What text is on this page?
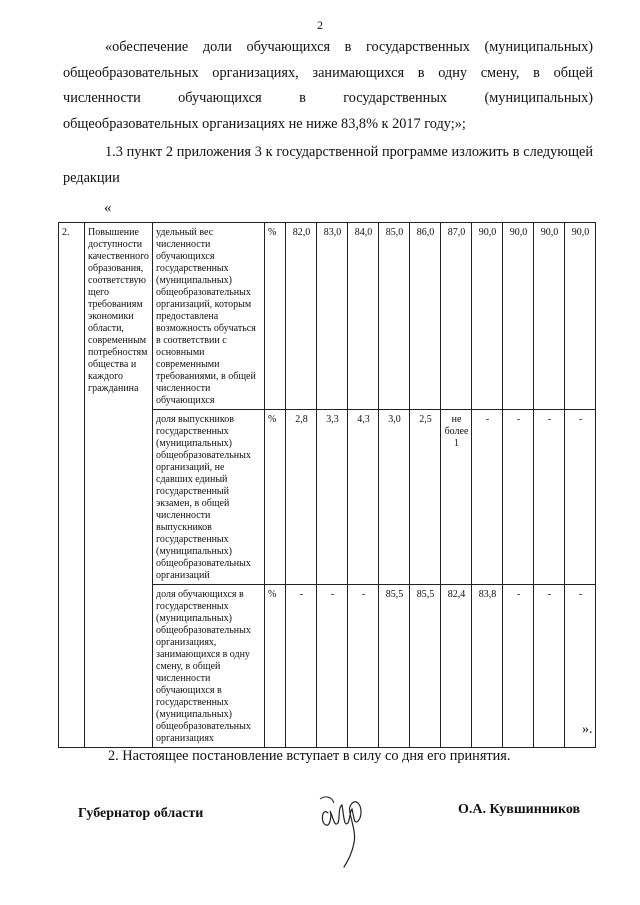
2
«обеспечение доли обучающихся в государственных (муниципальных) общеобразовательных организациях, занимающихся в одну смену, в общей численности обучающихся в государственных (муниципальных) общеобразовательных организациях не ниже 83,8% к 2017 году;»;
1.3 пункт 2 приложения 3 к государственной программе изложить в следующей редакции
«
2.	Повышение доступности качественного образования, соответствующего требованиям экономики области, современным потребностям общества и каждого гражданина	удельный вес численности обучающихся государственных (муниципальных) общеобразовательных организаций, которым предоставлена возможность обучаться в соответствии с основными современными требованиями, в общей численности обучающихся	%	82,0	83,0	84,0	85,0	86,0	87,0	90,0	90,0	90,0	90,0
		доля выпускников государственных (муниципальных) общеобразовательных организаций, не сдавших единый государственный экзамен, в общей численности выпускников государственных (муниципальных) общеобразовательных организаций	%	2,8	3,3	4,3	3,0	2,5	не более 1	-	-	-	-
		доля обучающихся в государственных (муниципальных) общеобразовательных организациях, занимающихся в одну смену, в общей численности обучающихся в государственных (муниципальных) общеобразовательных организациях	%	-	-	-	85,5	85,5	82,4	83,8	-	-	-
».
2. Настоящее постановление вступает в силу со дня его принятия.
Губернатор области	О.А. Кувшинников
